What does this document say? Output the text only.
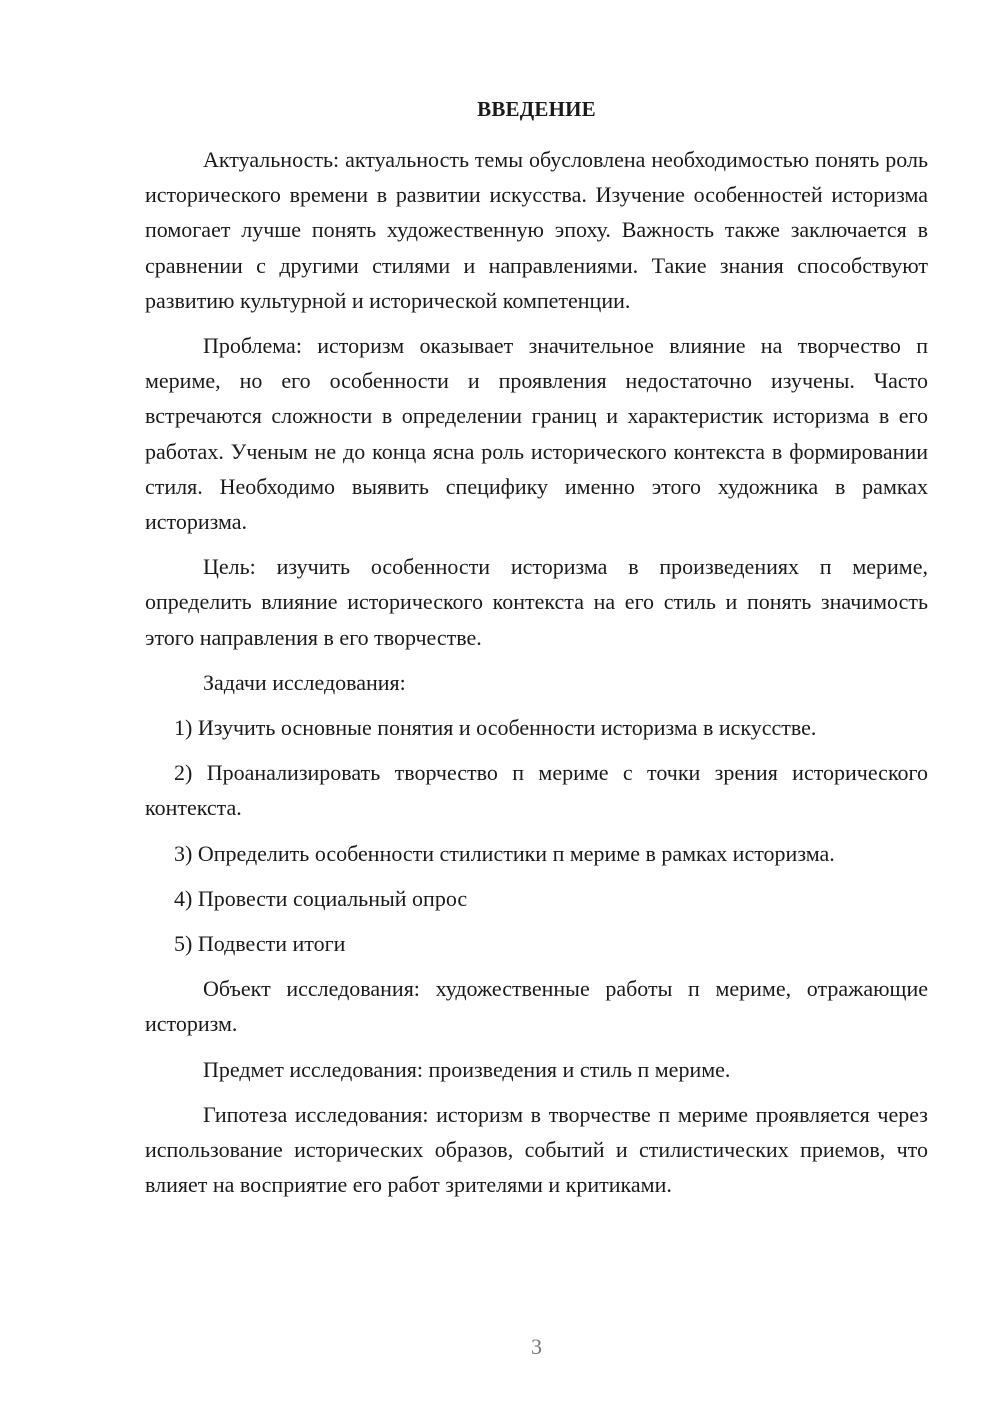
ВВЕДЕНИЕ

Актуальность: актуальность темы обусловлена необходимостью понять роль исторического времени в развитии искусства. Изучение особенностей историзма помогает лучше понять художественную эпоху. Важность также заключается в сравнении с другими стилями и направлениями. Такие знания способствуют развитию культурной и исторической компетенции.

Проблема: историзм оказывает значительное влияние на творчество п мериме, но его особенности и проявления недостаточно изучены. Часто встречаются сложности в определении границ и характеристик историзма в его работах. Ученым не до конца ясна роль исторического контекста в формировании стиля. Необходимо выявить специфику именно этого художника в рамках историзма.

Цель: изучить особенности историзма в произведениях п мериме, определить влияние исторического контекста на его стиль и понять значимость этого направления в его творчестве.

Задачи исследования:

1) Изучить основные понятия и особенности историзма в искусстве.

2) Проанализировать творчество п мериме с точки зрения исторического контекста.

3) Определить особенности стилистики п мериме в рамках историзма.

4) Провести социальный опрос

5) Подвести итоги

Объект исследования: художественные работы п мериме, отражающие историзм.

Предмет исследования: произведения и стиль п мериме.

Гипотеза исследования: историзм в творчестве п мериме проявляется через использование исторических образов, событий и стилистических приемов, что влияет на восприятие его работ зрителями и критиками.

3
